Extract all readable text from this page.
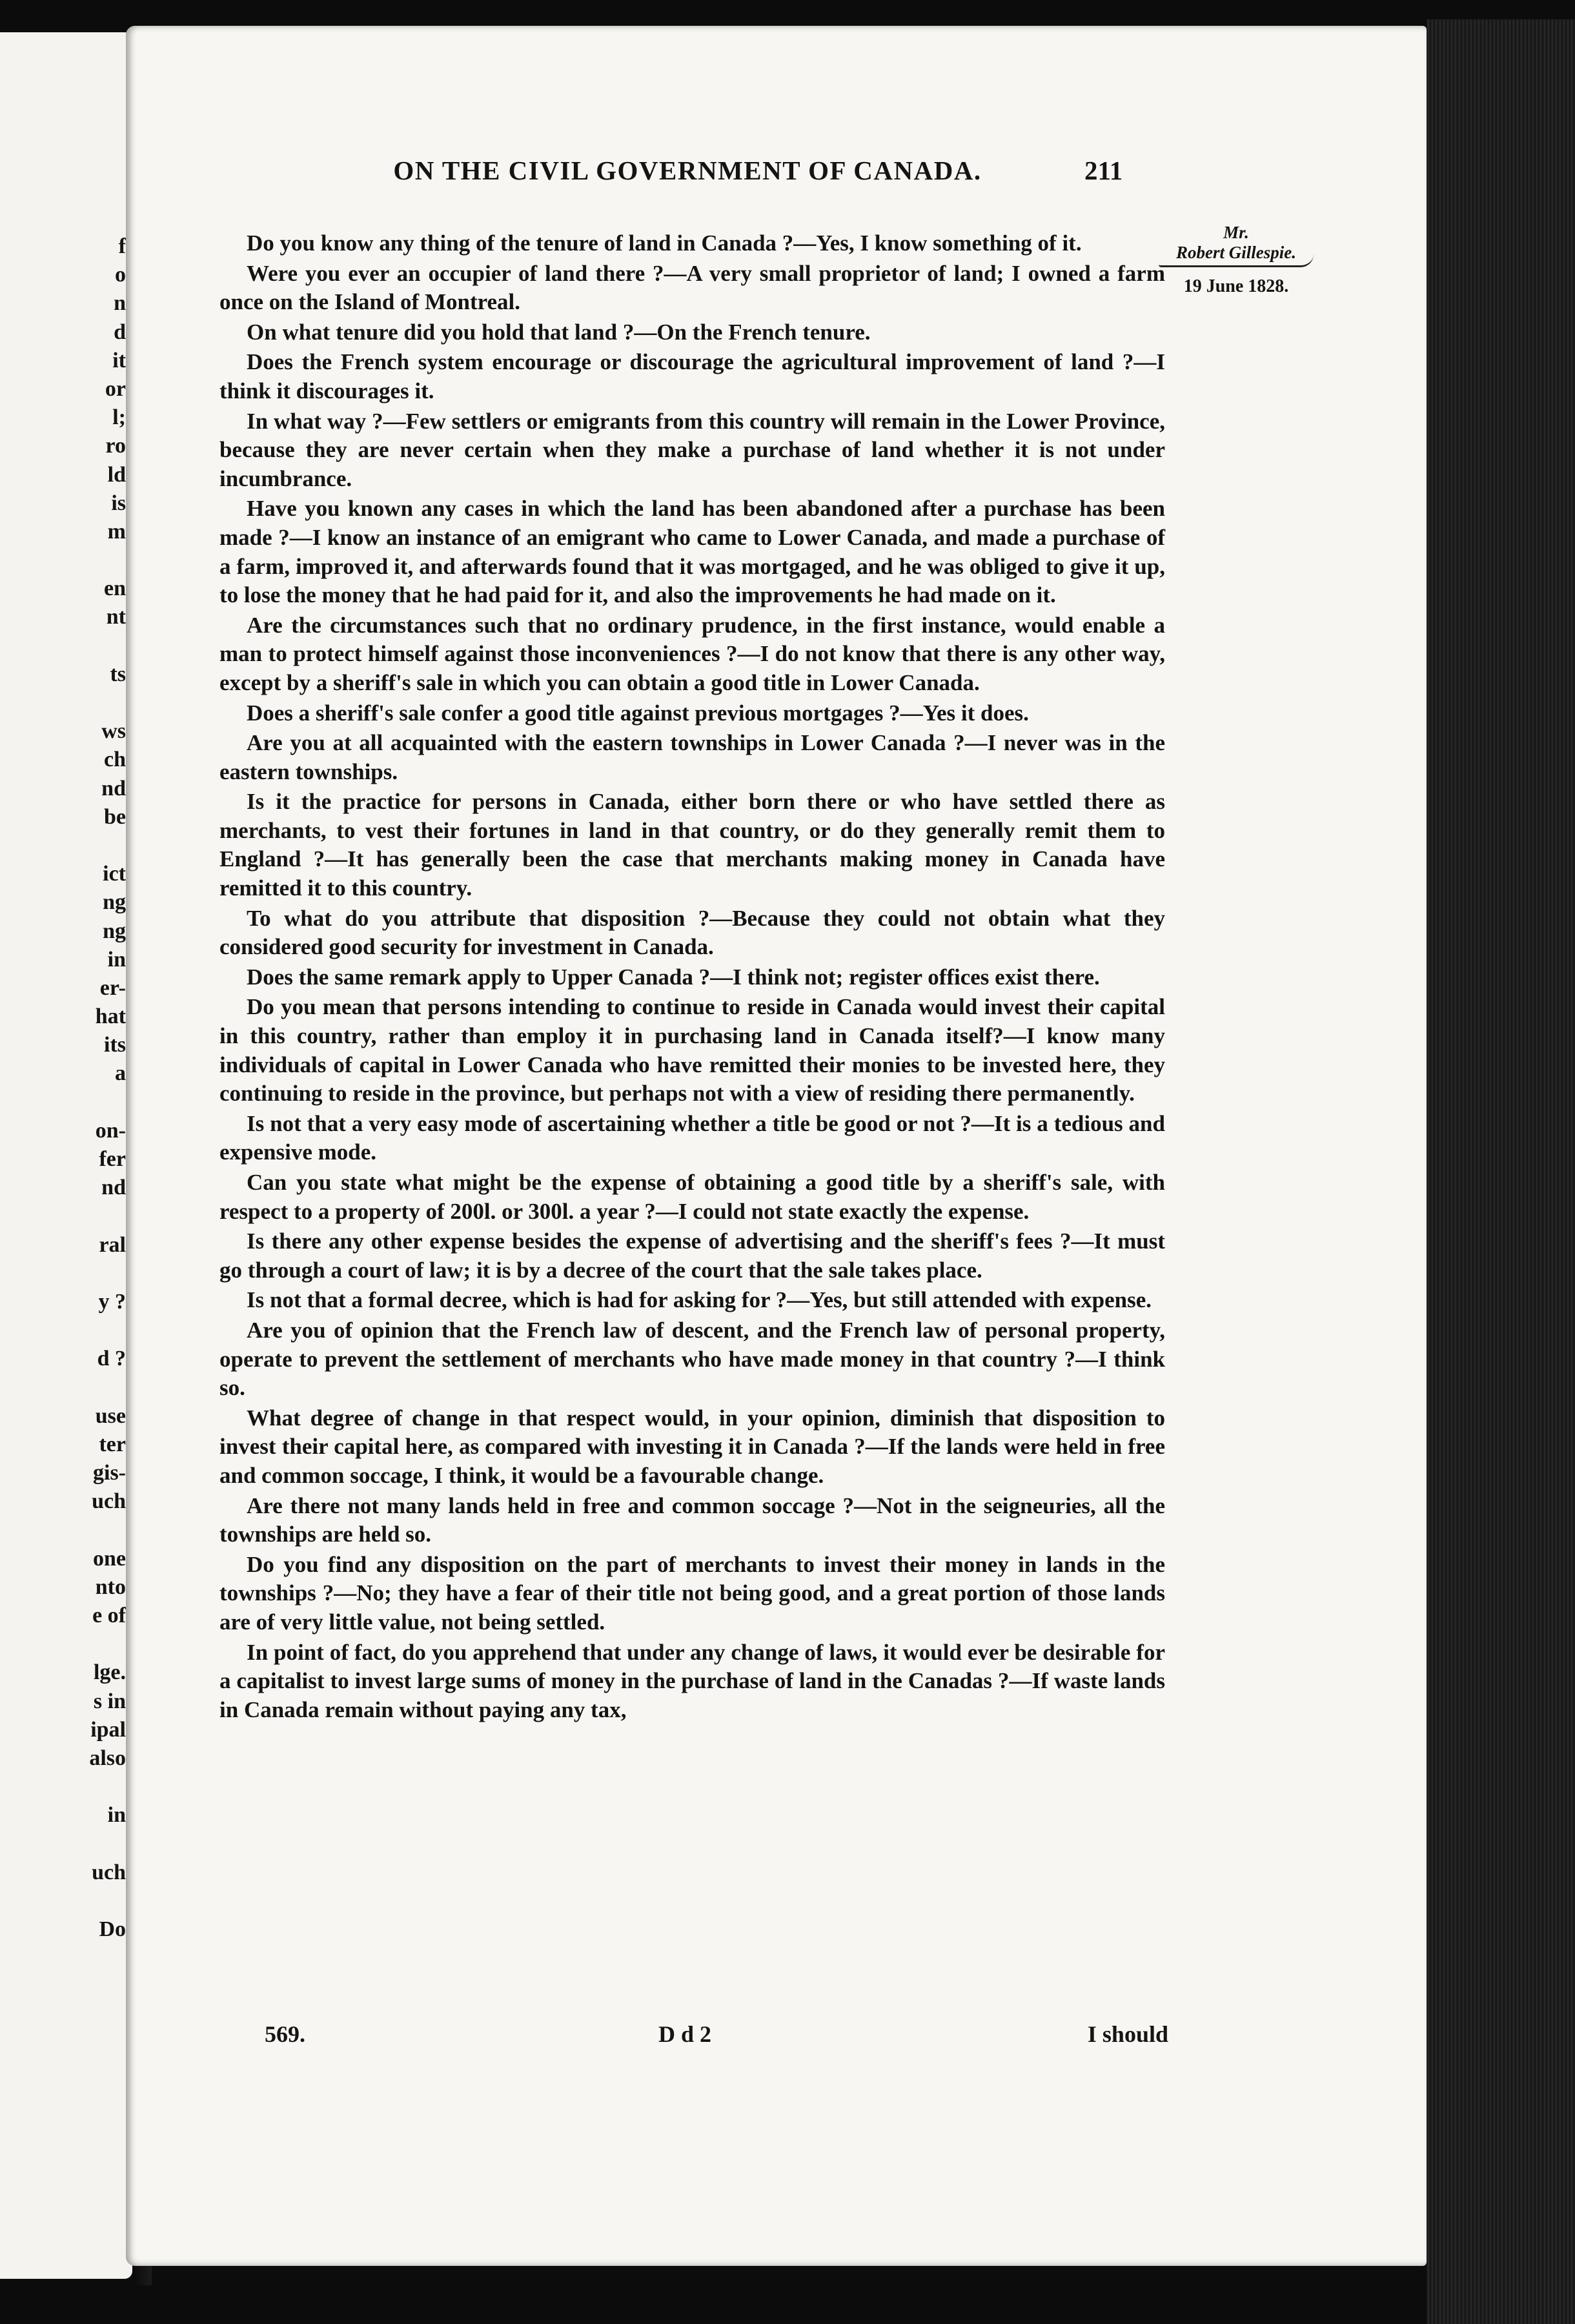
f
o
n
d
it
or
l;
ro
ld
is
m
en
nt
ts
ws
ch
nd
be
ict
ng
ng
in
er-
hat
its
a
on-
fer
nd
ral
y ?
d ?
use
ter
gis-
uch
one
nto
e of
lge.
s in
ipal
also
in
uch
Do
ON THE CIVIL GOVERNMENT OF CANADA.	211
Mr.
Robert Gillespie.
19 June 1828.

Do you know any thing of the tenure of land in Canada ?—Yes, I know something of it.

Were you ever an occupier of land there ?—A very small proprietor of land; I owned a farm once on the Island of Montreal.

On what tenure did you hold that land ?—On the French tenure.

Does the French system encourage or discourage the agricultural improvement of land ?—I think it discourages it.

In what way ?—Few settlers or emigrants from this country will remain in the Lower Province, because they are never certain when they make a purchase of land whether it is not under incumbrance.

Have you known any cases in which the land has been abandoned after a purchase has been made ?—I know an instance of an emigrant who came to Lower Canada, and made a purchase of a farm, improved it, and afterwards found that it was mortgaged, and he was obliged to give it up, to lose the money that he had paid for it, and also the improvements he had made on it.

Are the circumstances such that no ordinary prudence, in the first instance, would enable a man to protect himself against those inconveniences ?—I do not know that there is any other way, except by a sheriff's sale in which you can obtain a good title in Lower Canada.

Does a sheriff's sale confer a good title against previous mortgages ?—Yes it does.

Are you at all acquainted with the eastern townships in Lower Canada ?—I never was in the eastern townships.

Is it the practice for persons in Canada, either born there or who have settled there as merchants, to vest their fortunes in land in that country, or do they generally remit them to England ?—It has generally been the case that merchants making money in Canada have remitted it to this country.

To what do you attribute that disposition ?—Because they could not obtain what they considered good security for investment in Canada.

Does the same remark apply to Upper Canada ?—I think not; register offices exist there.

Do you mean that persons intending to continue to reside in Canada would invest their capital in this country, rather than employ it in purchasing land in Canada itself?—I know many individuals of capital in Lower Canada who have remitted their monies to be invested here, they continuing to reside in the province, but perhaps not with a view of residing there permanently.

Is not that a very easy mode of ascertaining whether a title be good or not ?—It is a tedious and expensive mode.

Can you state what might be the expense of obtaining a good title by a sheriff's sale, with respect to a property of 200l. or 300l. a year ?—I could not state exactly the expense.

Is there any other expense besides the expense of advertising and the sheriff's fees ?—It must go through a court of law; it is by a decree of the court that the sale takes place.

Is not that a formal decree, which is had for asking for ?—Yes, but still attended with expense.

Are you of opinion that the French law of descent, and the French law of personal property, operate to prevent the settlement of merchants who have made money in that country ?—I think so.

What degree of change in that respect would, in your opinion, diminish that disposition to invest their capital here, as compared with investing it in Canada ?—If the lands were held in free and common soccage, I think, it would be a favourable change.

Are there not many lands held in free and common soccage ?—Not in the seigneuries, all the townships are held so.

Do you find any disposition on the part of merchants to invest their money in lands in the townships ?—No; they have a fear of their title not being good, and a great portion of those lands are of very little value, not being settled.

In point of fact, do you apprehend that under any change of laws, it would ever be desirable for a capitalist to invest large sums of money in the purchase of land in the Canadas ?—If waste lands in Canada remain without paying any tax,

569.	D d 2	I should
